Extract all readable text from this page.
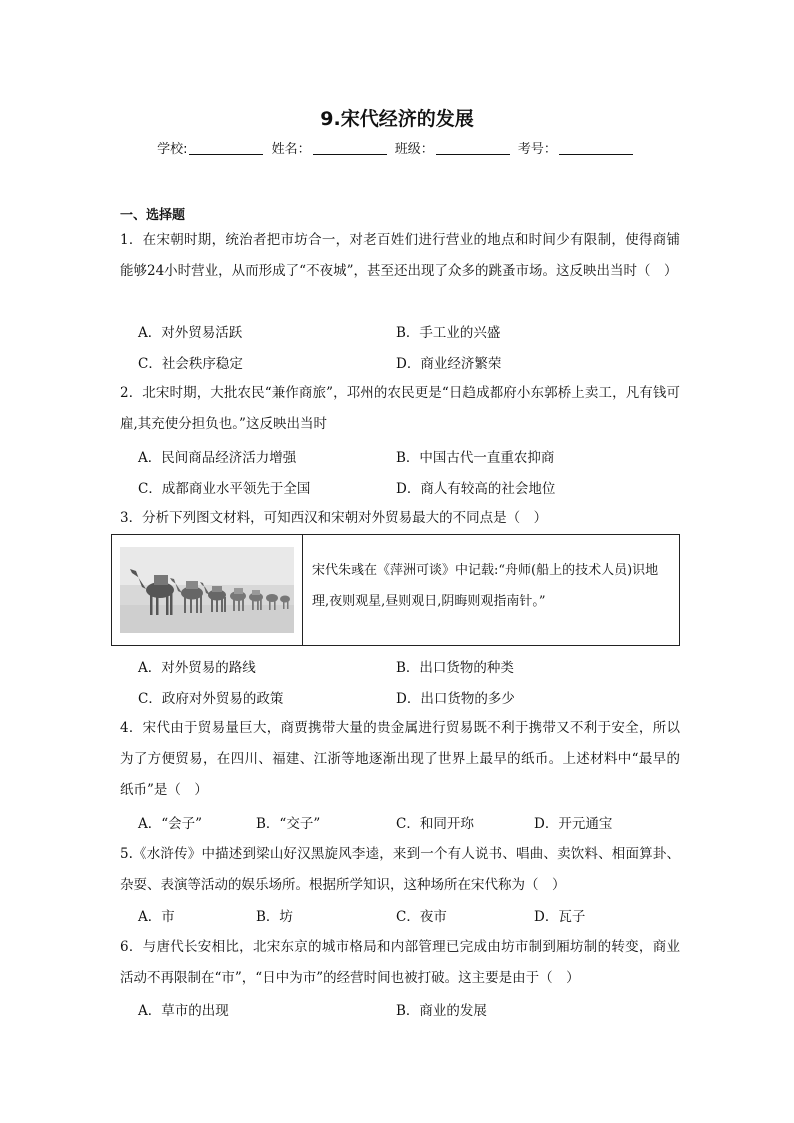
9.宋代经济的发展
学校:	姓名：	班级：	考号：
一、选择题
1．在宋朝时期，统治者把市坊合一，对老百姓们进行营业的地点和时间少有限制，使得商铺能够24小时营业，从而形成了“不夜城”，甚至还出现了众多的跳蚤市场。这反映出当时（　）
A．对外贸易活跃	B．手工业的兴盛
C．社会秩序稳定	D．商业经济繁荣
2．北宋时期，大批农民“兼作商旅”，邛州的农民更是“日趋成都府小东郭桥上卖工，凡有钱可雇,其充使分担负也。”这反映出当时
A．民间商品经济活力增强	B．中国古代一直重农抑商
C．成都商业水平领先于全国	D．商人有较高的社会地位
3．分析下列图文材料，可知西汉和宋朝对外贸易最大的不同点是（　）
宋代朱彧在《萍洲可谈》中记载:“舟师(船上的技术人员)识地理,夜则观星,昼则观日,阴晦则观指南针。”
A．对外贸易的路线	B．出口货物的种类
C．政府对外贸易的政策	D．出口货物的多少
4．宋代由于贸易量巨大，商贾携带大量的贵金属进行贸易既不利于携带又不利于安全，所以为了方便贸易，在四川、福建、江浙等地逐渐出现了世界上最早的纸币。上述材料中“最早的纸币”是（　）
A．“会子”	B．“交子”	C．和同开珎	D．开元通宝
5.《水浒传》中描述到梁山好汉黑旋风李逵，来到一个有人说书、唱曲、卖饮料、相面算卦、杂耍、表演等活动的娱乐场所。根据所学知识，这种场所在宋代称为（　）
A．市	B．坊	C．夜市	D．瓦子
6．与唐代长安相比，北宋东京的城市格局和内部管理已完成由坊市制到厢坊制的转变，商业活动不再限制在“市”，“日中为市”的经营时间也被打破。这主要是由于（　）
A．草市的出现	B．商业的发展
